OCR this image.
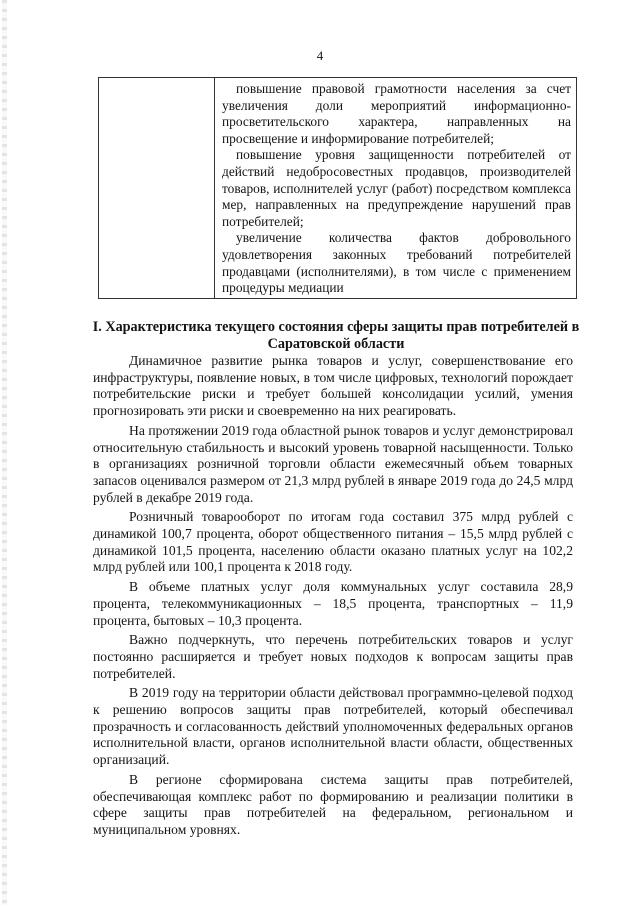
4

повышение правовой грамотности населения за счет увеличения доли мероприятий информационно-просветительского характера, направленных на просвещение и информирование потребителей;

повышение уровня защищенности потребителей от действий недобросовестных продавцов, производителей товаров, исполнителей услуг (работ) посредством комплекса мер, направленных на предупреждение нарушений прав потребителей;

увеличение количества фактов добровольного удовлетворения законных требований потребителей продавцами (исполнителями), в том числе с применением процедуры медиации

I. Характеристика текущего состояния сферы защиты прав потребителей в Саратовской области

Динамичное развитие рынка товаров и услуг, совершенствование его инфраструктуры, появление новых, в том числе цифровых, технологий порождает потребительские риски и требует большей консолидации усилий, умения прогнозировать эти риски и своевременно на них реагировать.

На протяжении 2019 года областной рынок товаров и услуг демонстрировал относительную стабильность и высокий уровень товарной насыщенности. Только в организациях розничной торговли области ежемесячный объем товарных запасов оценивался размером от 21,3 млрд рублей в январе 2019 года до 24,5 млрд рублей в декабре 2019 года.

Розничный товарооборот по итогам года составил 375 млрд рублей с динамикой 100,7 процента, оборот общественного питания – 15,5 млрд рублей с динамикой 101,5 процента, населению области оказано платных услуг на 102,2 млрд рублей или 100,1 процента к 2018 году.

В объеме платных услуг доля коммунальных услуг составила 28,9 процента, телекоммуникационных – 18,5 процента, транспортных – 11,9 процента, бытовых – 10,3 процента.

Важно подчеркнуть, что перечень потребительских товаров и услуг постоянно расширяется и требует новых подходов к вопросам защиты прав потребителей.

В 2019 году на территории области действовал программно-целевой подход к решению вопросов защиты прав потребителей, который обеспечивал прозрачность и согласованность действий уполномоченных федеральных органов исполнительной власти, органов исполнительной власти области, общественных организаций.

В регионе сформирована система защиты прав потребителей, обеспечивающая комплекс работ по формированию и реализации политики в сфере защиты прав потребителей на федеральном, региональном и муниципальном уровнях.
